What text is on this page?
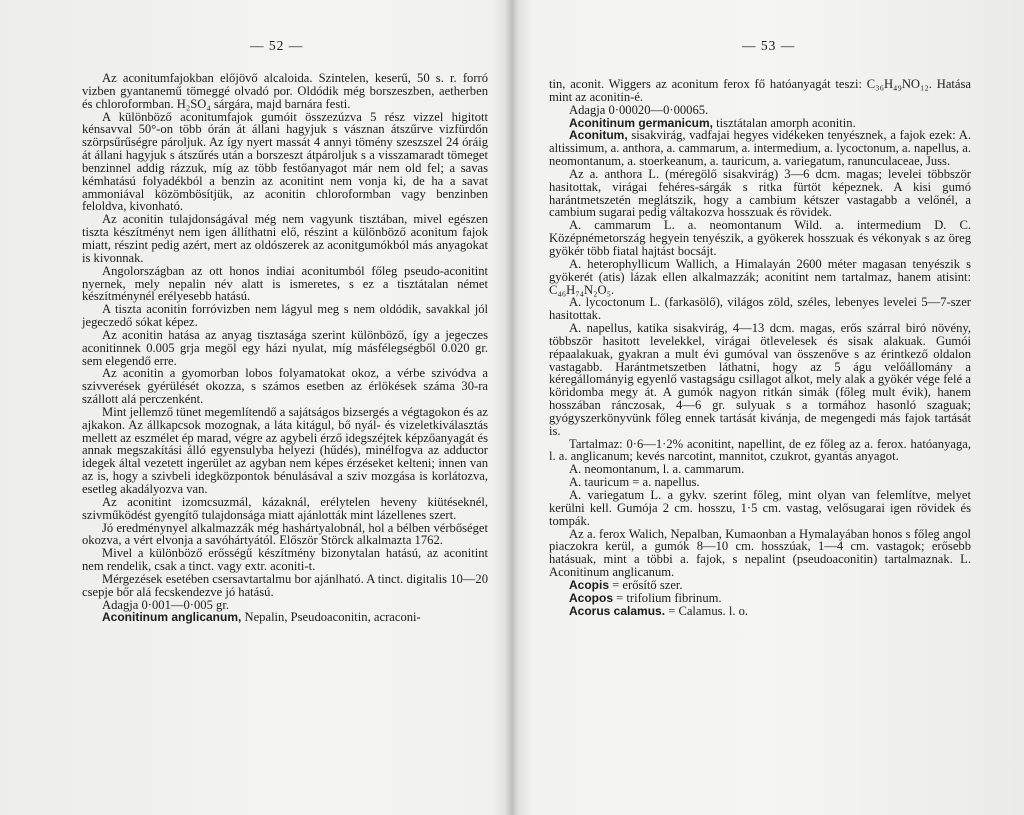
— 52 —

Az aconitumfajokban előjövő alcaloida. Szintelen, keserű, 50 s. r. forró vizben gyantanemű tömeggé olvadó por. Oldódik még borszeszben, aetherben és chloroformban. H₂SO₄ sárgára, majd barnára festi.

A különböző aconitumfajok gumóit összezúzva 5 rész vizzel higitott kénsavval 50°-on több órán át állani hagyjuk s vásznan átszűrve vizfürdőn szörpsűrűségre pároljuk. Az így nyert massát 4 annyi tömény szeszszel 24 óráig át állani hagyjuk s átszűrés után a borszeszt átpároljuk s a visszamaradt tömeget benzinnel addig rázzuk, míg az több festőanyagot már nem old fel; a savas kémhatású folyadékból a benzin az aconitint nem vonja ki, de ha a savat ammoniával közömbösítjük, az aconitin chloroformban vagy benzinben feloldva, kivonható.

Az aconitin tulajdonságával még nem vagyunk tisztában, mivel egészen tiszta készítményt nem igen állíthatni elő, részint a különböző aconitum fajok miatt, részint pedig azért, mert az oldószerek az aconitgumókból más anyagokat is kivonnak.

Angolországban az ott honos indiai aconitumból főleg pseudo-aconitint nyernek, mely nepalin név alatt is ismeretes, s ez a tisztátalan német készítménynél erélyesebb hatású.

A tiszta aconitin forróvizben nem lágyul meg s nem oldódik, savakkal jól jegeczedő sókat képez.

Az aconitin hatása az anyag tisztasága szerint különböző, így a jegeczes aconitinnek 0.005 grja megöl egy házi nyulat, míg másfélegségből 0.020 gr. sem elegendő erre.

Az aconitin a gyomorban lobos folyamatokat okoz, a vérbe szivódva a szivverések gyérülését okozza, s számos esetben az érlökések száma 30-ra szállott alá perczenként.

Mint jellemző tünet megemlítendő a sajátságos bizsergés a végtagokon és az ajkakon. Az állkapcsok mozognak, a láta kitágul, bő nyál- és vizeletkiválasztás mellett az eszmélet ép marad, végre az agybeli érző idegszéjtek képzőanyagát és annak megszakítási álló egyensulyba helyezi (hűdés), minélfogva az adductor idegek által vezetett ingerület az agyban nem képes érzéseket kelteni; innen van az is, hogy a szivbeli idegközpontok bénulásával a sziv mozgása is korlátozva, esetleg akadályozva van.

Az aconitint izomcsuzmál, kázaknál, erélytelen heveny kiütéseknél, szivműködést gyengítő tulajdonsága miatt ajánlották mint lázellenes szert.

Jó eredménynyel alkalmazzák még hashártyalobnál, hol a bélben vérbőséget okozva, a vért elvonja a savóhártyától. Először Störck alkalmazta 1762.

Mivel a különböző erősségű készítmény bizonytalan hatású, az aconitint nem rendelik, csak a tinct. vagy extr. aconiti-t.

Mérgezések esetében csersavtartalmu bor ajánlható. A tinct. digitalis 10—20 csepje bőr alá fecskendezve jó hatású.

Adagja 0·001—0·005 gr.

Aconitinum anglicanum, Nepalin, Pseudoaconitin, acraconi-

— 53 —

tin, aconit. Wiggers az aconitum ferox fő hatóanyagát teszi: C₃₆H₄₉NO₁₂. Hatása mint az aconitin-é.

Adagja 0·00020—0·00065.

Aconitinum germanicum, tisztátalan amorph aconitin.

Aconitum, sisakvirág, vadfajai hegyes vidékeken tenyésznek, a fajok ezek: A. altissimum, a. anthora, a. cammarum, a. intermedium, a. lycoctonum, a. napellus, a. neomontanum, a. stoerkeanum, a. tauricum, a. variegatum, ranunculaceae, Juss.

Az a. anthora L. (méregölő sisakvirág) 3—6 dcm. magas; levelei többször hasitottak, virágai fehéres-sárgák s ritka fürtöt képeznek. A kisi gumó harántmetszetén meglátszik, hogy a cambium kétszer vastagabb a velőnél, a cambium sugarai pedig váltakozva hosszuak és rövidek.

A. cammarum L. a. neomontanum Wild. a. intermedium D. C. Középnémetország hegyein tenyészik, a gyökerek hosszuak és vékonyak s az öreg gyökér több fiatal hajtást bocsájt.

A. heterophyllicum Wallich, a Himalayán 2600 méter magasan tenyészik s gyökerét (atis) lázak ellen alkalmazzák; aconitint nem tartalmaz, hanem atisint: C₄₆H₇₄N₂O₅.

A. lycoctonum L. (farkasölő), világos zöld, széles, lebenyes levelei 5—7-szer hasitottak.

A. napellus, katika sisakvirág, 4—13 dcm. magas, erős szárral biró növény, többször hasitott levelekkel, virágai ötlevelesek és sisak alakuak. Gumói répaalakuak, gyakran a mult évi gumóval van összenőve s az érintkező oldalon vastagabb. Harántmetszetben láthatni, hogy az 5 águ velőállomány a kéregállományig egyenlő vastagságu csillagot alkot, mely alak a gyökér vége felé a köridomba megy át. A gumók nagyon ritkán simák (főleg mult évik), hanem hosszában ránczosak, 4—6 gr. sulyuak s a tormához hasonló szaguak; gyógyszerkönyvünk főleg ennek tartását kivánja, de megengedi más fajok tartását is.

Tartalmaz: 0·6—1·2% aconitint, napellint, de ez főleg az a. ferox. hatóanyaga, l. a. anglicanum; kevés narcotint, mannitot, czukrot, gyantás anyagot.

A. neomontanum, l. a. cammarum.

A. tauricum = a. napellus.

A. variegatum L. a gykv. szerint főleg, mint olyan van felemlítve, melyet kerülni kell. Gumója 2 cm. hosszu, 1·5 cm. vastag, velősugarai igen rövidek és tompák.

Az a. ferox Walich, Nepalban, Kumaonban a Hymalayában honos s főleg angol piaczokra kerül, a gumók 8—10 cm. hosszúak, 1—4 cm. vastagok; erősebb hatásuak, mint a többi a. fajok, s nepalint (pseudoaconitin) tartalmaznak. L. Aconitinum anglicanum.

Acopis = erősítő szer.

Acopos = trifolium fibrinum.

Acorus calamus. = Calamus. l. o.
